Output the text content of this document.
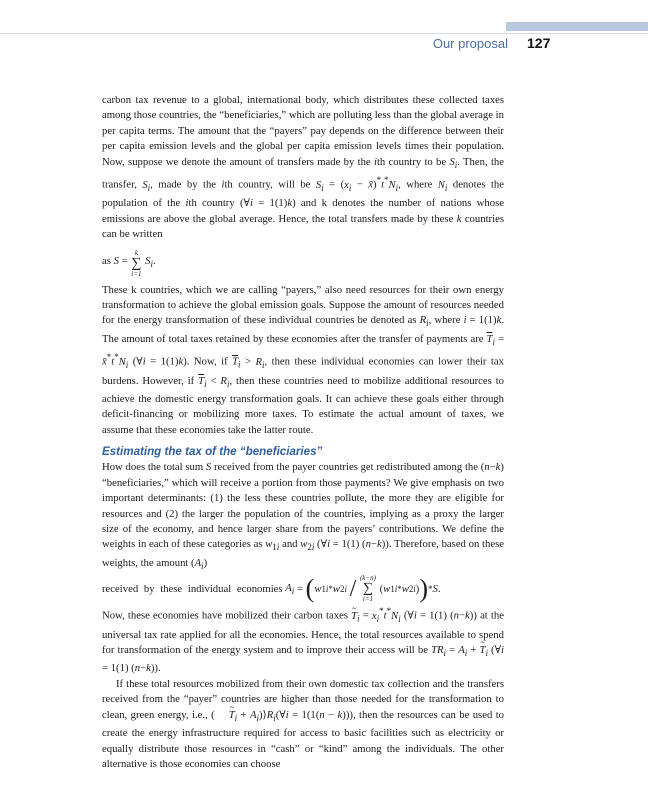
Our proposal 127

carbon tax revenue to a global, international body, which distributes these collected taxes among those countries, the “beneficiaries,” which are polluting less than the global average in per capita terms. The amount that the “payers” pay depends on the difference between their per capita emission levels and the global per capita emission levels times their population. Now, suppose we denote the amount of transfers made by the ith country to be $S_i$. Then, the transfer, $S_i$, made by the ith country, will be $S_i = (x_i$ − $x̄)^*t^*N_i$, where $N_i$ denotes the population of the ith country (∀i = 1(1)k) and k denotes the number of nations whose emissions are above the global average. Hence, the total transfers made by these k countries can be written

as S =
k
∑
i=1
$S_i$.

These k countries, which we are calling “payers,” also need resources for their own energy transformation to achieve the global emission goals. Suppose the amount of resources needed for the energy transformation of these individual countries be denoted as $R_i$, where i = 1(1)k. The amount of total taxes retained by these economies after the transfer of payments are $\overline{T}_i$ = $x̄^*t^*N_i$ (∀i = 1(1)k). Now, if $\overline{T}_i > R_i$, then these individual economies can lower their tax burdens. However, if $\overline{T}_i < R_i$, then these countries need to mobilize additional resources to achieve the domestic energy transformation goals. It can achieve these goals either through deficit-financing or mobilizing more taxes. To estimate the actual amount of taxes, we assume that these economies take the latter route.

Estimating the tax of the “beneficiaries”

How does the total sum S received from the payer countries get redistributed among the (n−k) “beneficiaries,” which will receive a portion from those payments? We give emphasis on two important determinants: (1) the less these countries pollute, the more they are eligible for resources and (2) the larger the population of the countries, implying as a proxy the larger size of the economy, and hence larger share from the payers’ contributions. We define the weights in each of these categories as $w_{1i}$ and $w_{2i}$ (∀i = 1(1) (n−k)). Therefore, based on these weights, the amount $(A_i)$

received by these individual economies
$A_i$ = ( w 1i * w 2i
/
(k−n)
∑
i=1
( w 1i * w 2i ) ) * S .

Now, these economies have mobilized their carbon taxes ~ $T_i = x_i^*t^*N_i$ (∀i = 1(1) (n−k)) at the universal tax rate applied for all the economies. Hence, the total resources available to spend for transformation of the energy system and to improve their access will be $TR_i = A_i$ + ~ $T_i$ (∀i = 1(1) (n−k)).

If these total resources mobilized from their own domestic tax collection and the transfers received from the “payer” countries are higher than those needed for the transformation to clean, green energy, i.e., ( ~ $T_i$ + $A_i)⟩R_i(\forall i = 1(1(n - k)))$, then the resources can be used to create the energy infrastructure required for access to basic facilities such as electricity or equally distribute those resources in “cash” or “kind” among the individuals. The other alternative is those economies can choose
